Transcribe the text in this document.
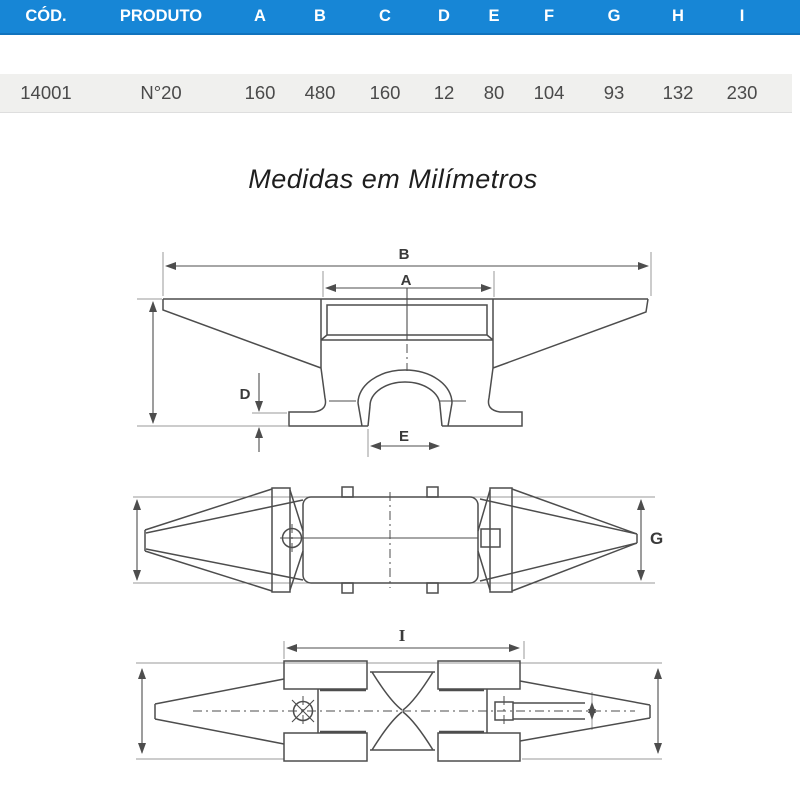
CÓD.	PRODUTO	A	B	C	D	E	F	G	H	I
14001	N°20	160	480	160	12	80	104	93	132	230
Medidas em Milímetros
B
A
D
E
G
I
